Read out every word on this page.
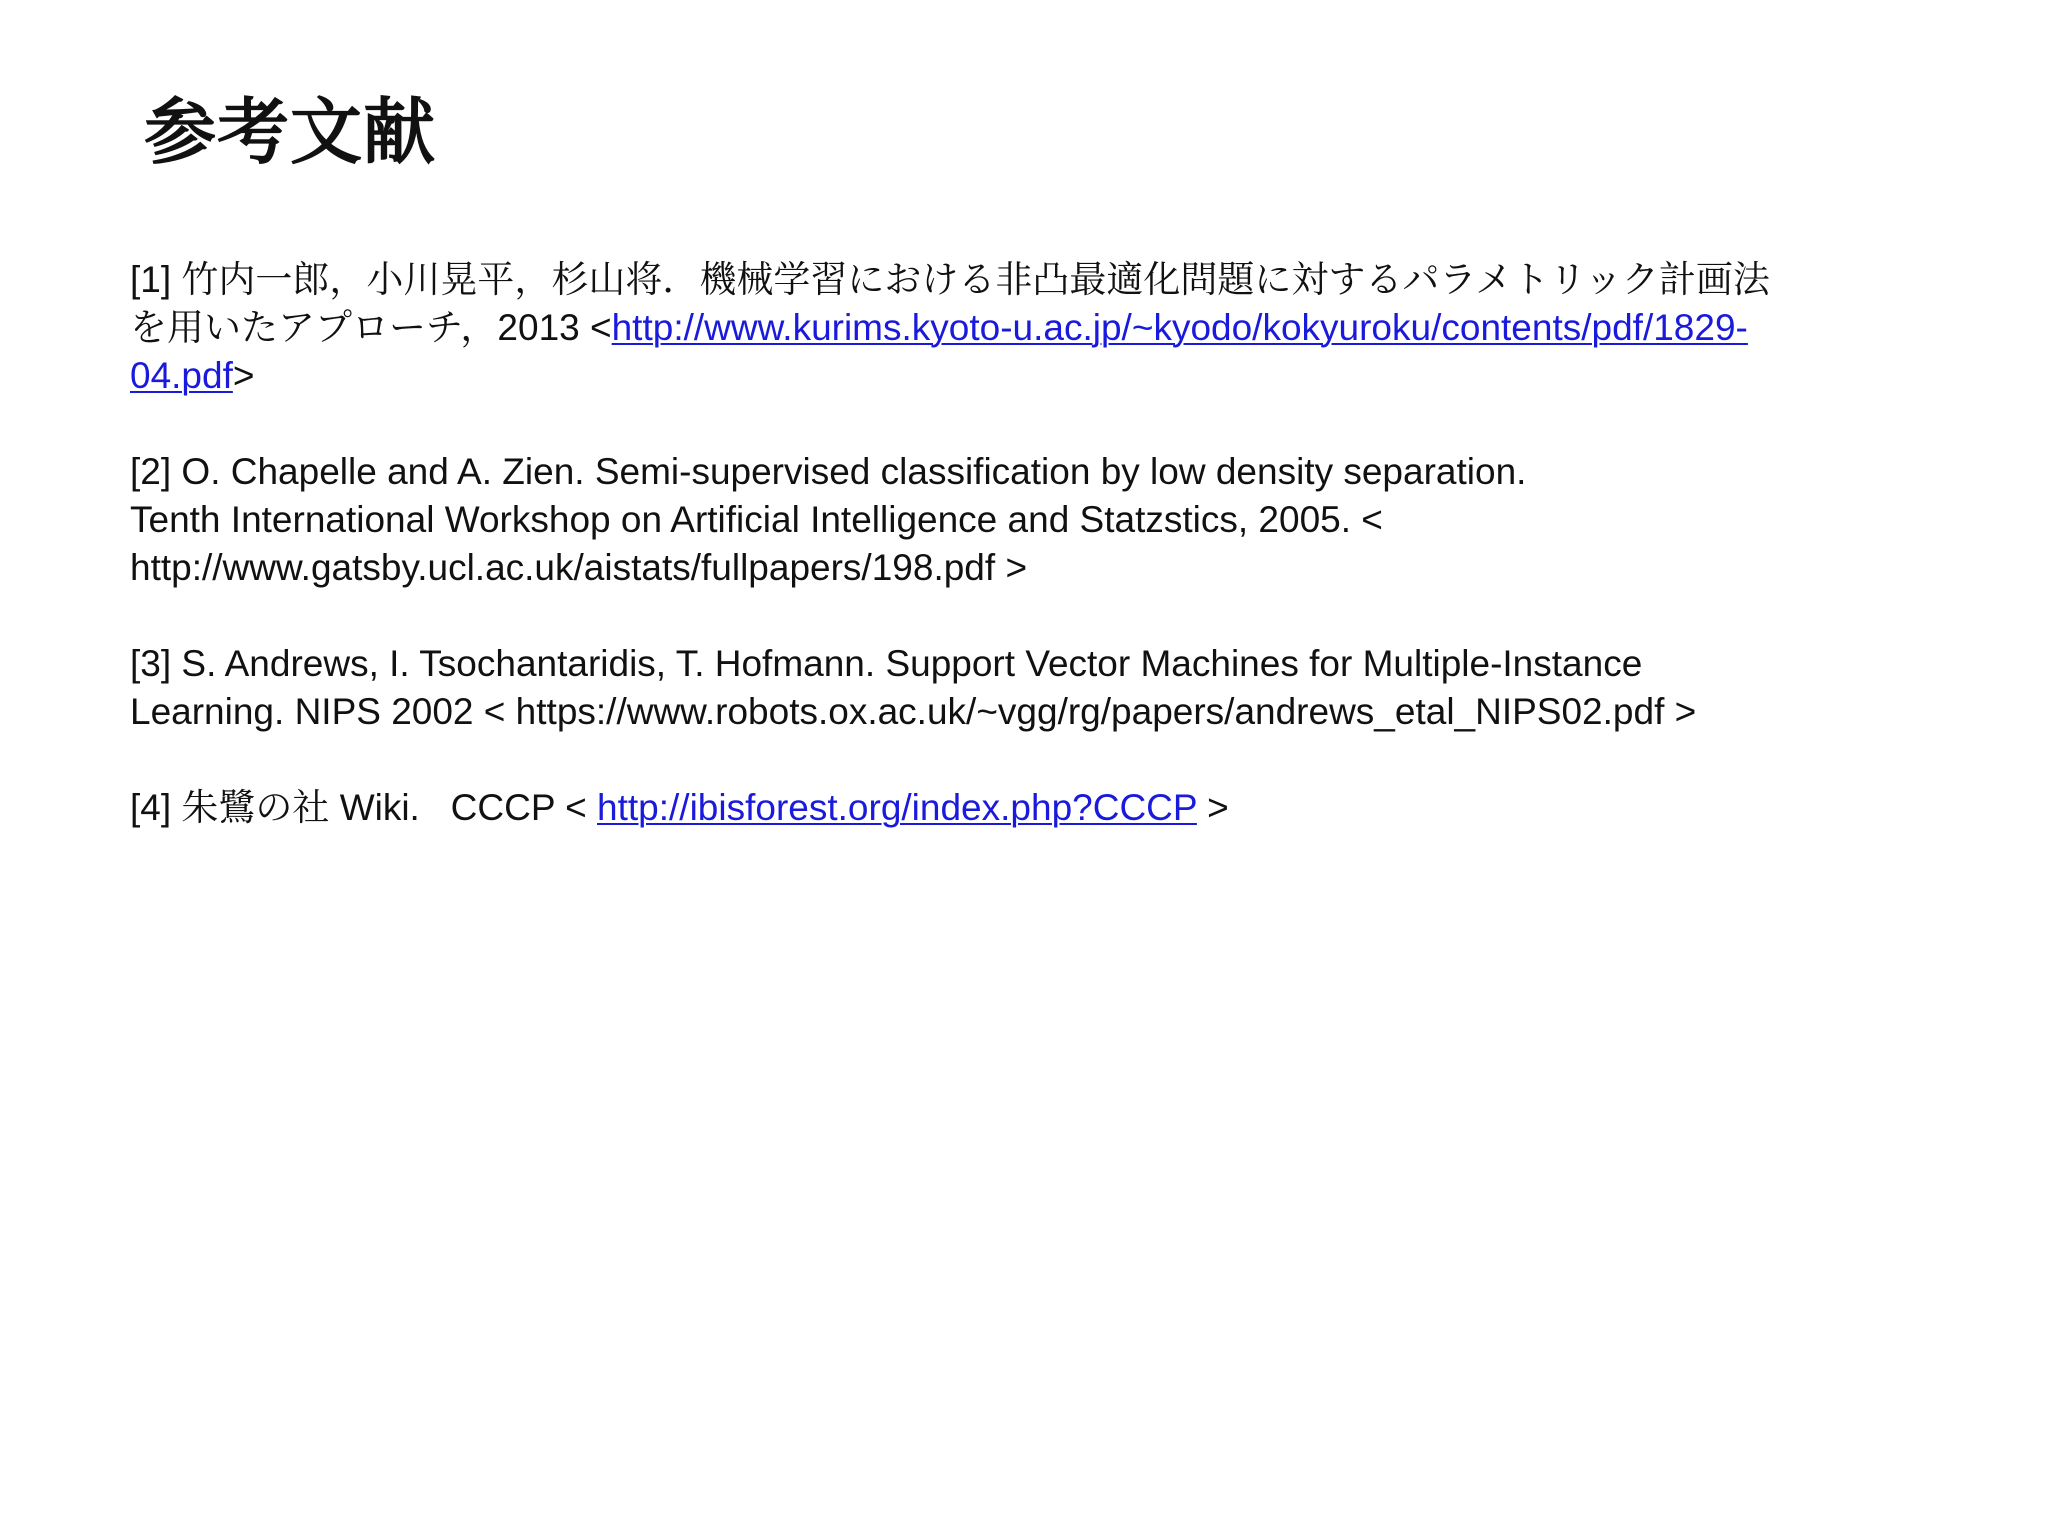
参考文献
[1] 竹内一郎，小川晃平，杉山将．機械学習における非凸最適化問題に対するパラメトリック計画法
を用いたアプローチ，2013 <http://www.kurims.kyoto-u.ac.jp/~kyodo/kokyuroku/contents/pdf/1829-
04.pdf>
[2] O. Chapelle and A. Zien. Semi-supervised classification by low density separation.
Tenth International Workshop on Artificial Intelligence and Statzstics, 2005. <
http://www.gatsby.ucl.ac.uk/aistats/fullpapers/198.pdf >
[3] S. Andrews, I. Tsochantaridis, T. Hofmann. Support Vector Machines for Multiple-Instance
Learning. NIPS 2002 < https://www.robots.ox.ac.uk/~vgg/rg/papers/andrews_etal_NIPS02.pdf >
[4] 朱鷺の社 Wiki.   CCCP < http://ibisforest.org/index.php?CCCP >
